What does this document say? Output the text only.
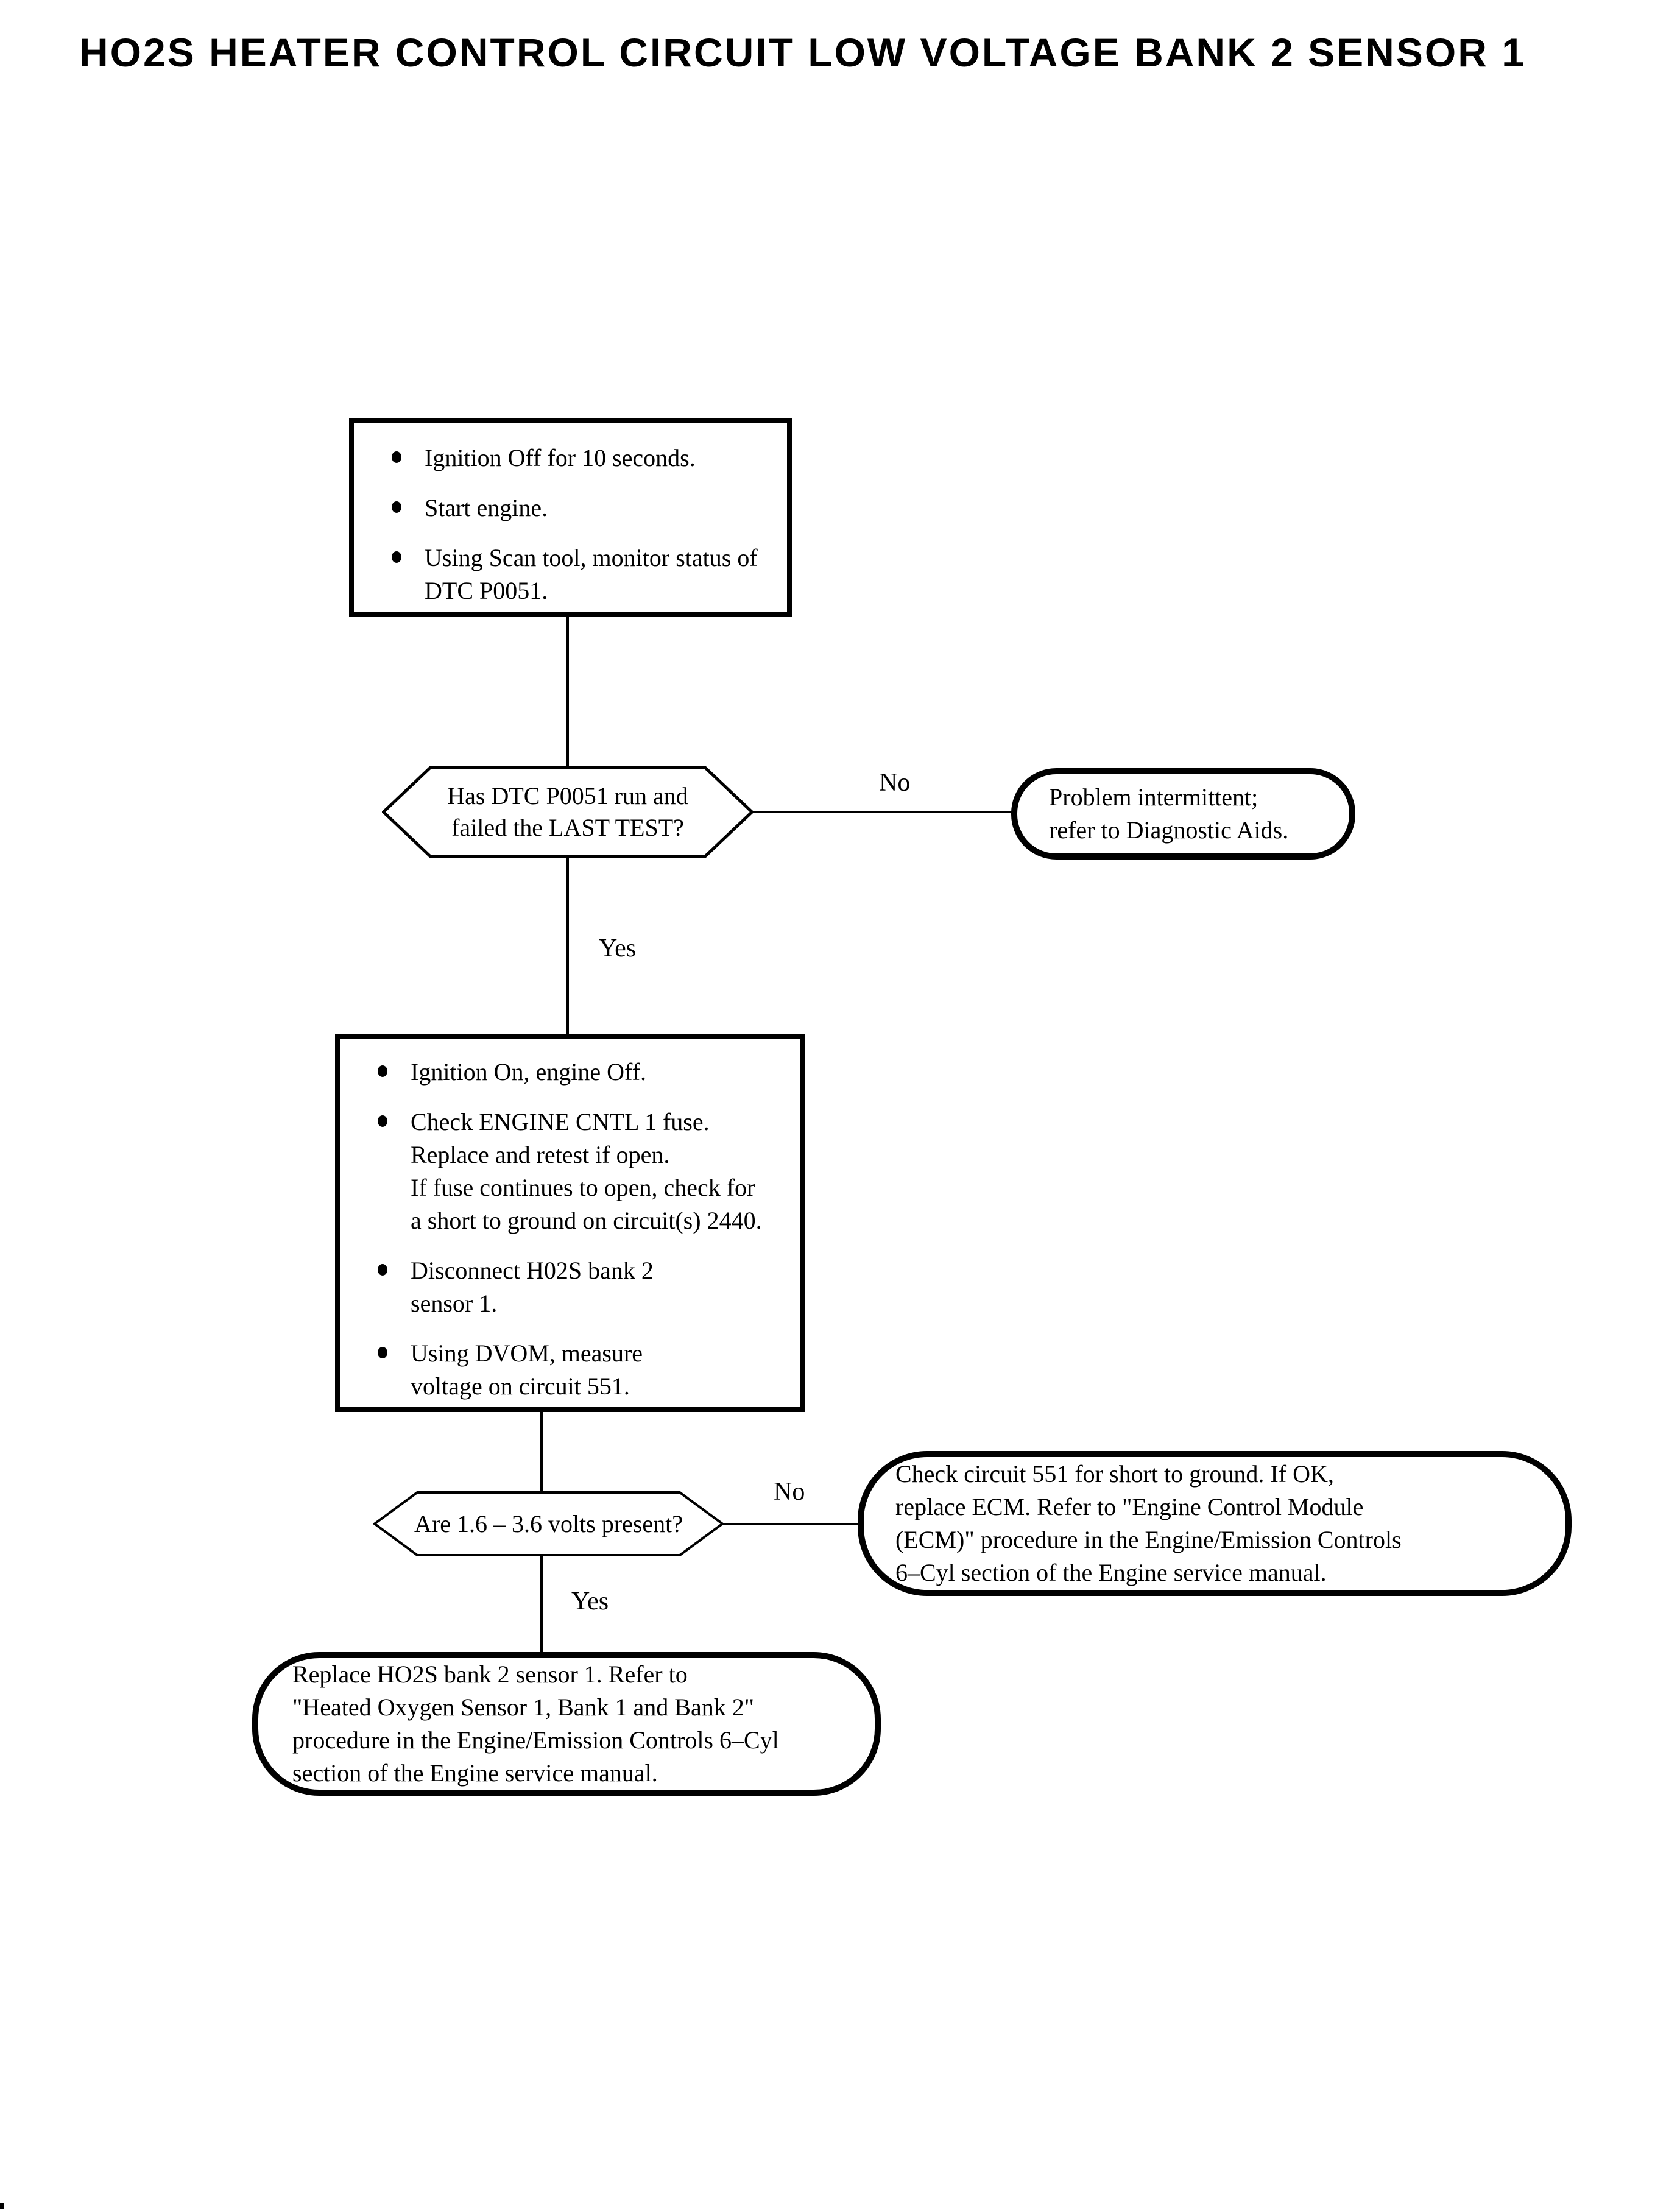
HO2S HEATER CONTROL CIRCUIT LOW VOLTAGE BANK 2 SENSOR 1
Ignition Off for 10 seconds.
Start engine.
Using Scan tool, monitor status of
DTC P0051.
Has DTC P0051 run and
failed the LAST TEST?
No
Problem intermittent;
refer to Diagnostic Aids.
Yes
Ignition On, engine Off.
Check ENGINE CNTL 1 fuse.
Replace and retest if open.
If fuse continues to open, check for
a short to ground on circuit(s) 2440.
Disconnect H02S bank 2
sensor 1.
Using DVOM, measure
voltage on circuit 551.
Are 1.6 – 3.6 volts present?
No
Check circuit 551 for short to ground. If OK,
replace ECM. Refer to "Engine Control Module
(ECM)" procedure in the Engine/Emission Controls
6–Cyl section of the Engine service manual.
Yes
Replace HO2S bank 2 sensor 1. Refer to
"Heated Oxygen Sensor 1, Bank 1 and Bank 2"
procedure in the Engine/Emission Controls 6–Cyl
section of the Engine service manual.
